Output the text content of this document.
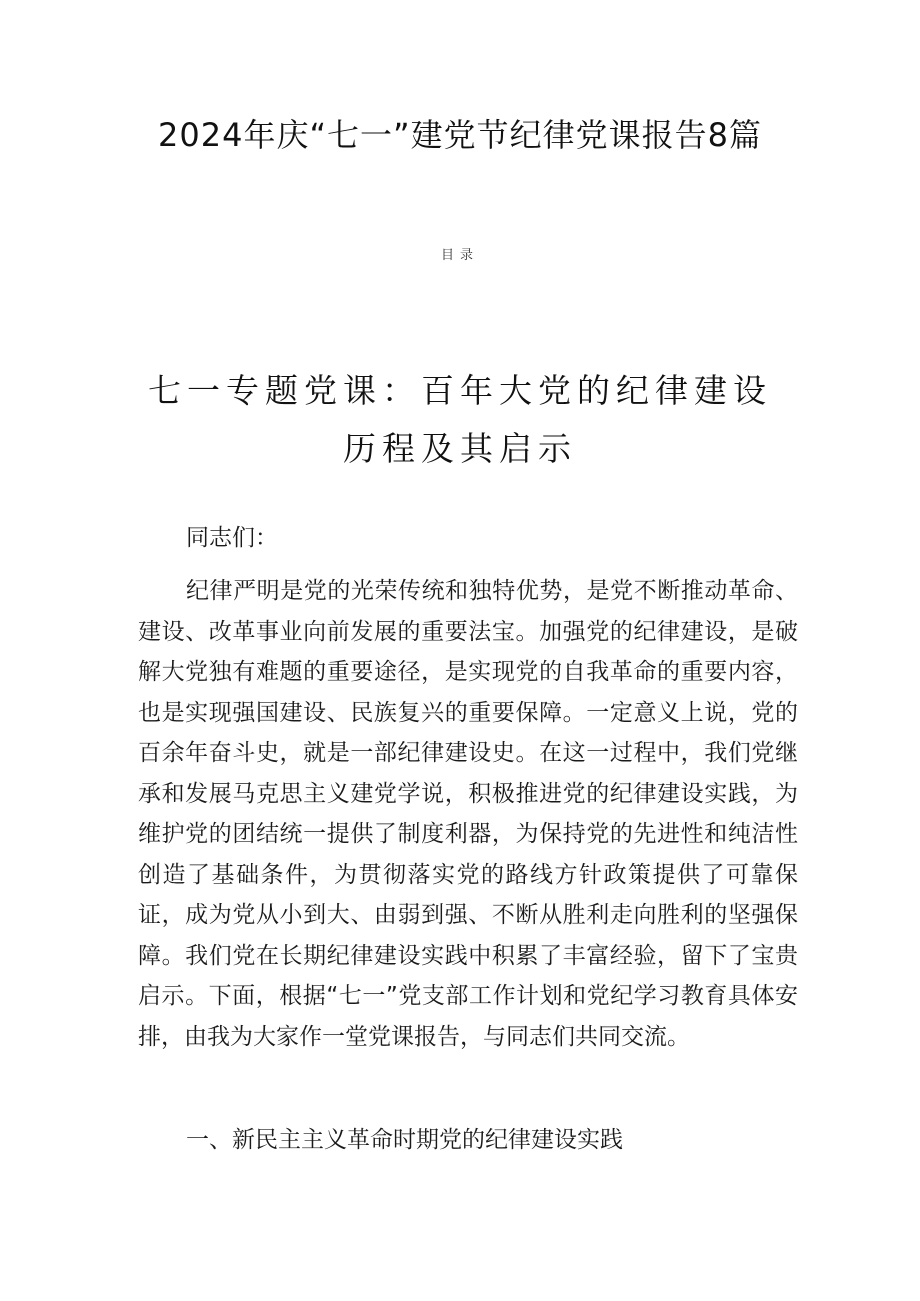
2024年庆“七一”建党节纪律党课报告8篇
目录
七一专题党课：百年大党的纪律建设历程及其启示
同志们：

纪律严明是党的光荣传统和独特优势，是党不断推动革命、建设、改革事业向前发展的重要法宝。加强党的纪律建设，是破解大党独有难题的重要途径，是实现党的自我革命的重要内容，也是实现强国建设、民族复兴的重要保障。一定意义上说，党的百余年奋斗史，就是一部纪律建设史。在这一过程中，我们党继承和发展马克思主义建党学说，积极推进党的纪律建设实践，为维护党的团结统一提供了制度利器，为保持党的先进性和纯洁性创造了基础条件，为贯彻落实党的路线方针政策提供了可靠保证，成为党从小到大、由弱到强、不断从胜利走向胜利的坚强保障。我们党在长期纪律建设实践中积累了丰富经验，留下了宝贵启示。下面，根据“七一”党支部工作计划和党纪学习教育具体安排，由我为大家作一堂党课报告，与同志们共同交流。

一、新民主主义革命时期党的纪律建设实践
